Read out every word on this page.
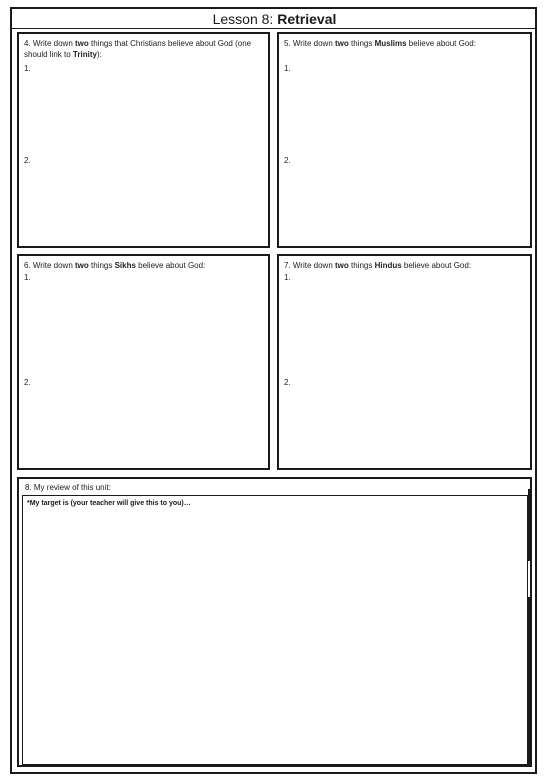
Lesson 8: Retrieval
4. Write down two things that Christians believe about God (one should link to Trinity):
1.
2.
5. Write down two things Muslims believe about God:
1.
2.
6. Write down two things Sikhs believe about God:
1.
2.
7. Write down two things Hindus believe about God:
1.
2.
8. My review of this unit:
*My target is (your teacher will give this to you)…
